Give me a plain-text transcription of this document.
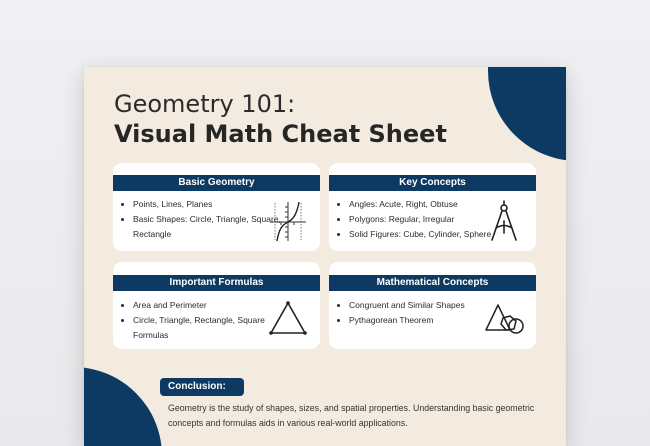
Geometry 101:
Visual Math Cheat Sheet
Basic Geometry
• Points, Lines, Planes
• Basic Shapes: Circle, Triangle, Square, Rectangle
Key Concepts
• Angles: Acute, Right, Obtuse
• Polygons: Regular, Irregular
• Solid Figures: Cube, Cylinder, Sphere
Important Formulas
• Area and Perimeter
• Circle, Triangle, Rectangle, Square Formulas
Mathematical Concepts
• Congruent and Similar Shapes
• Pythagorean Theorem
Conclusion:

Geometry is the study of shapes, sizes, and spatial properties. Understanding basic geometric concepts and formulas aids in various real-world applications.
